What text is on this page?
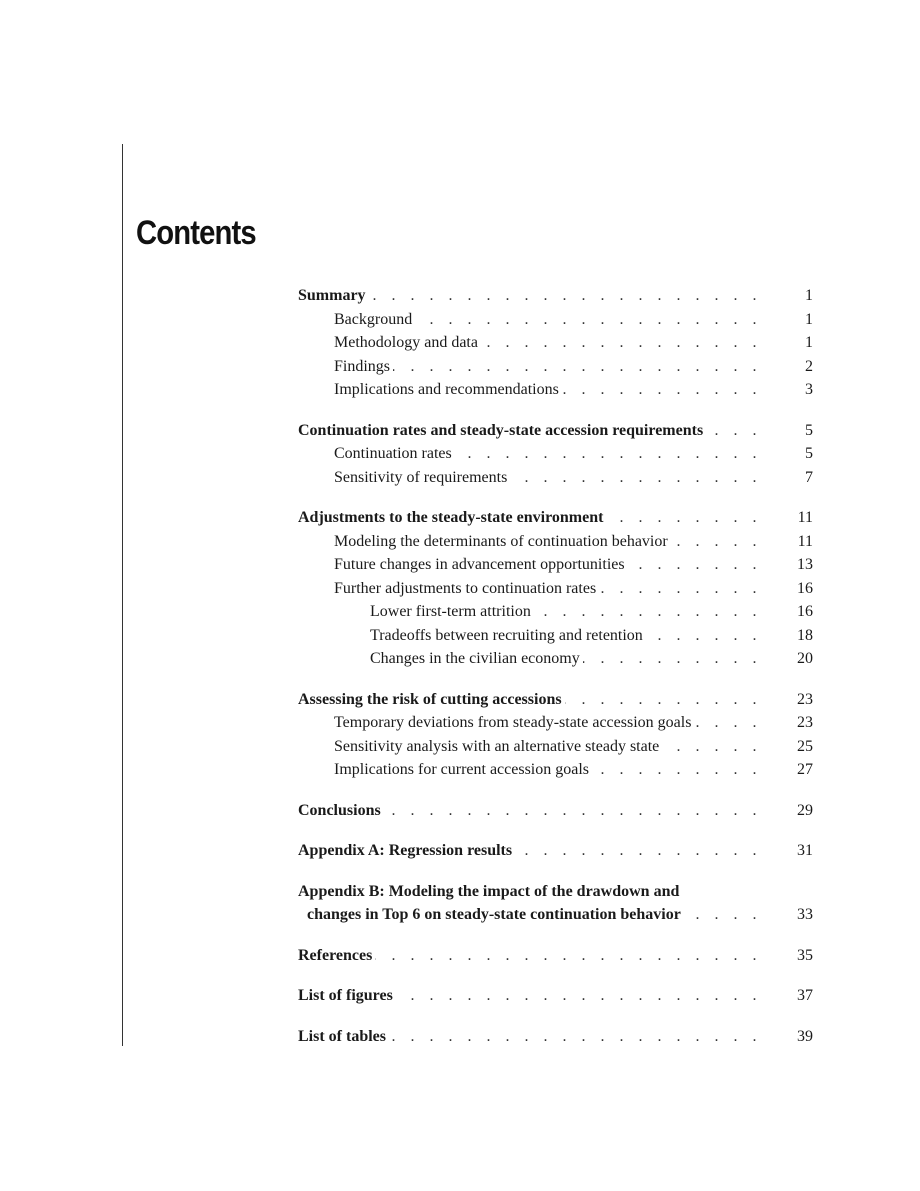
Contents
Summary . . .	1
Background . . .	1
Methodology and data . . .	1
Findings . . .	2
Implications and recommendations . . .	3
Continuation rates and steady-state accession requirements . . .	5
Continuation rates . . .	5
Sensitivity of requirements . . .	7
Adjustments to the steady-state environment . . .	11
Modeling the determinants of continuation behavior . . .	11
Future changes in advancement opportunities . . .	13
Further adjustments to continuation rates . . .	16
Lower first-term attrition . . .	16
Tradeoffs between recruiting and retention . . .	18
Changes in the civilian economy . . .	20
Assessing the risk of cutting accessions . . .	23
Temporary deviations from steady-state accession goals . . .	23
Sensitivity analysis with an alternative steady state . . .	25
Implications for current accession goals . . .	27
Conclusions . . .	29
Appendix A: Regression results . . .	31
Appendix B: Modeling the impact of the drawdown and
changes in Top 6 on steady-state continuation behavior . . .	33
References . . .	35
List of figures . . .	37
List of tables . . .	39
